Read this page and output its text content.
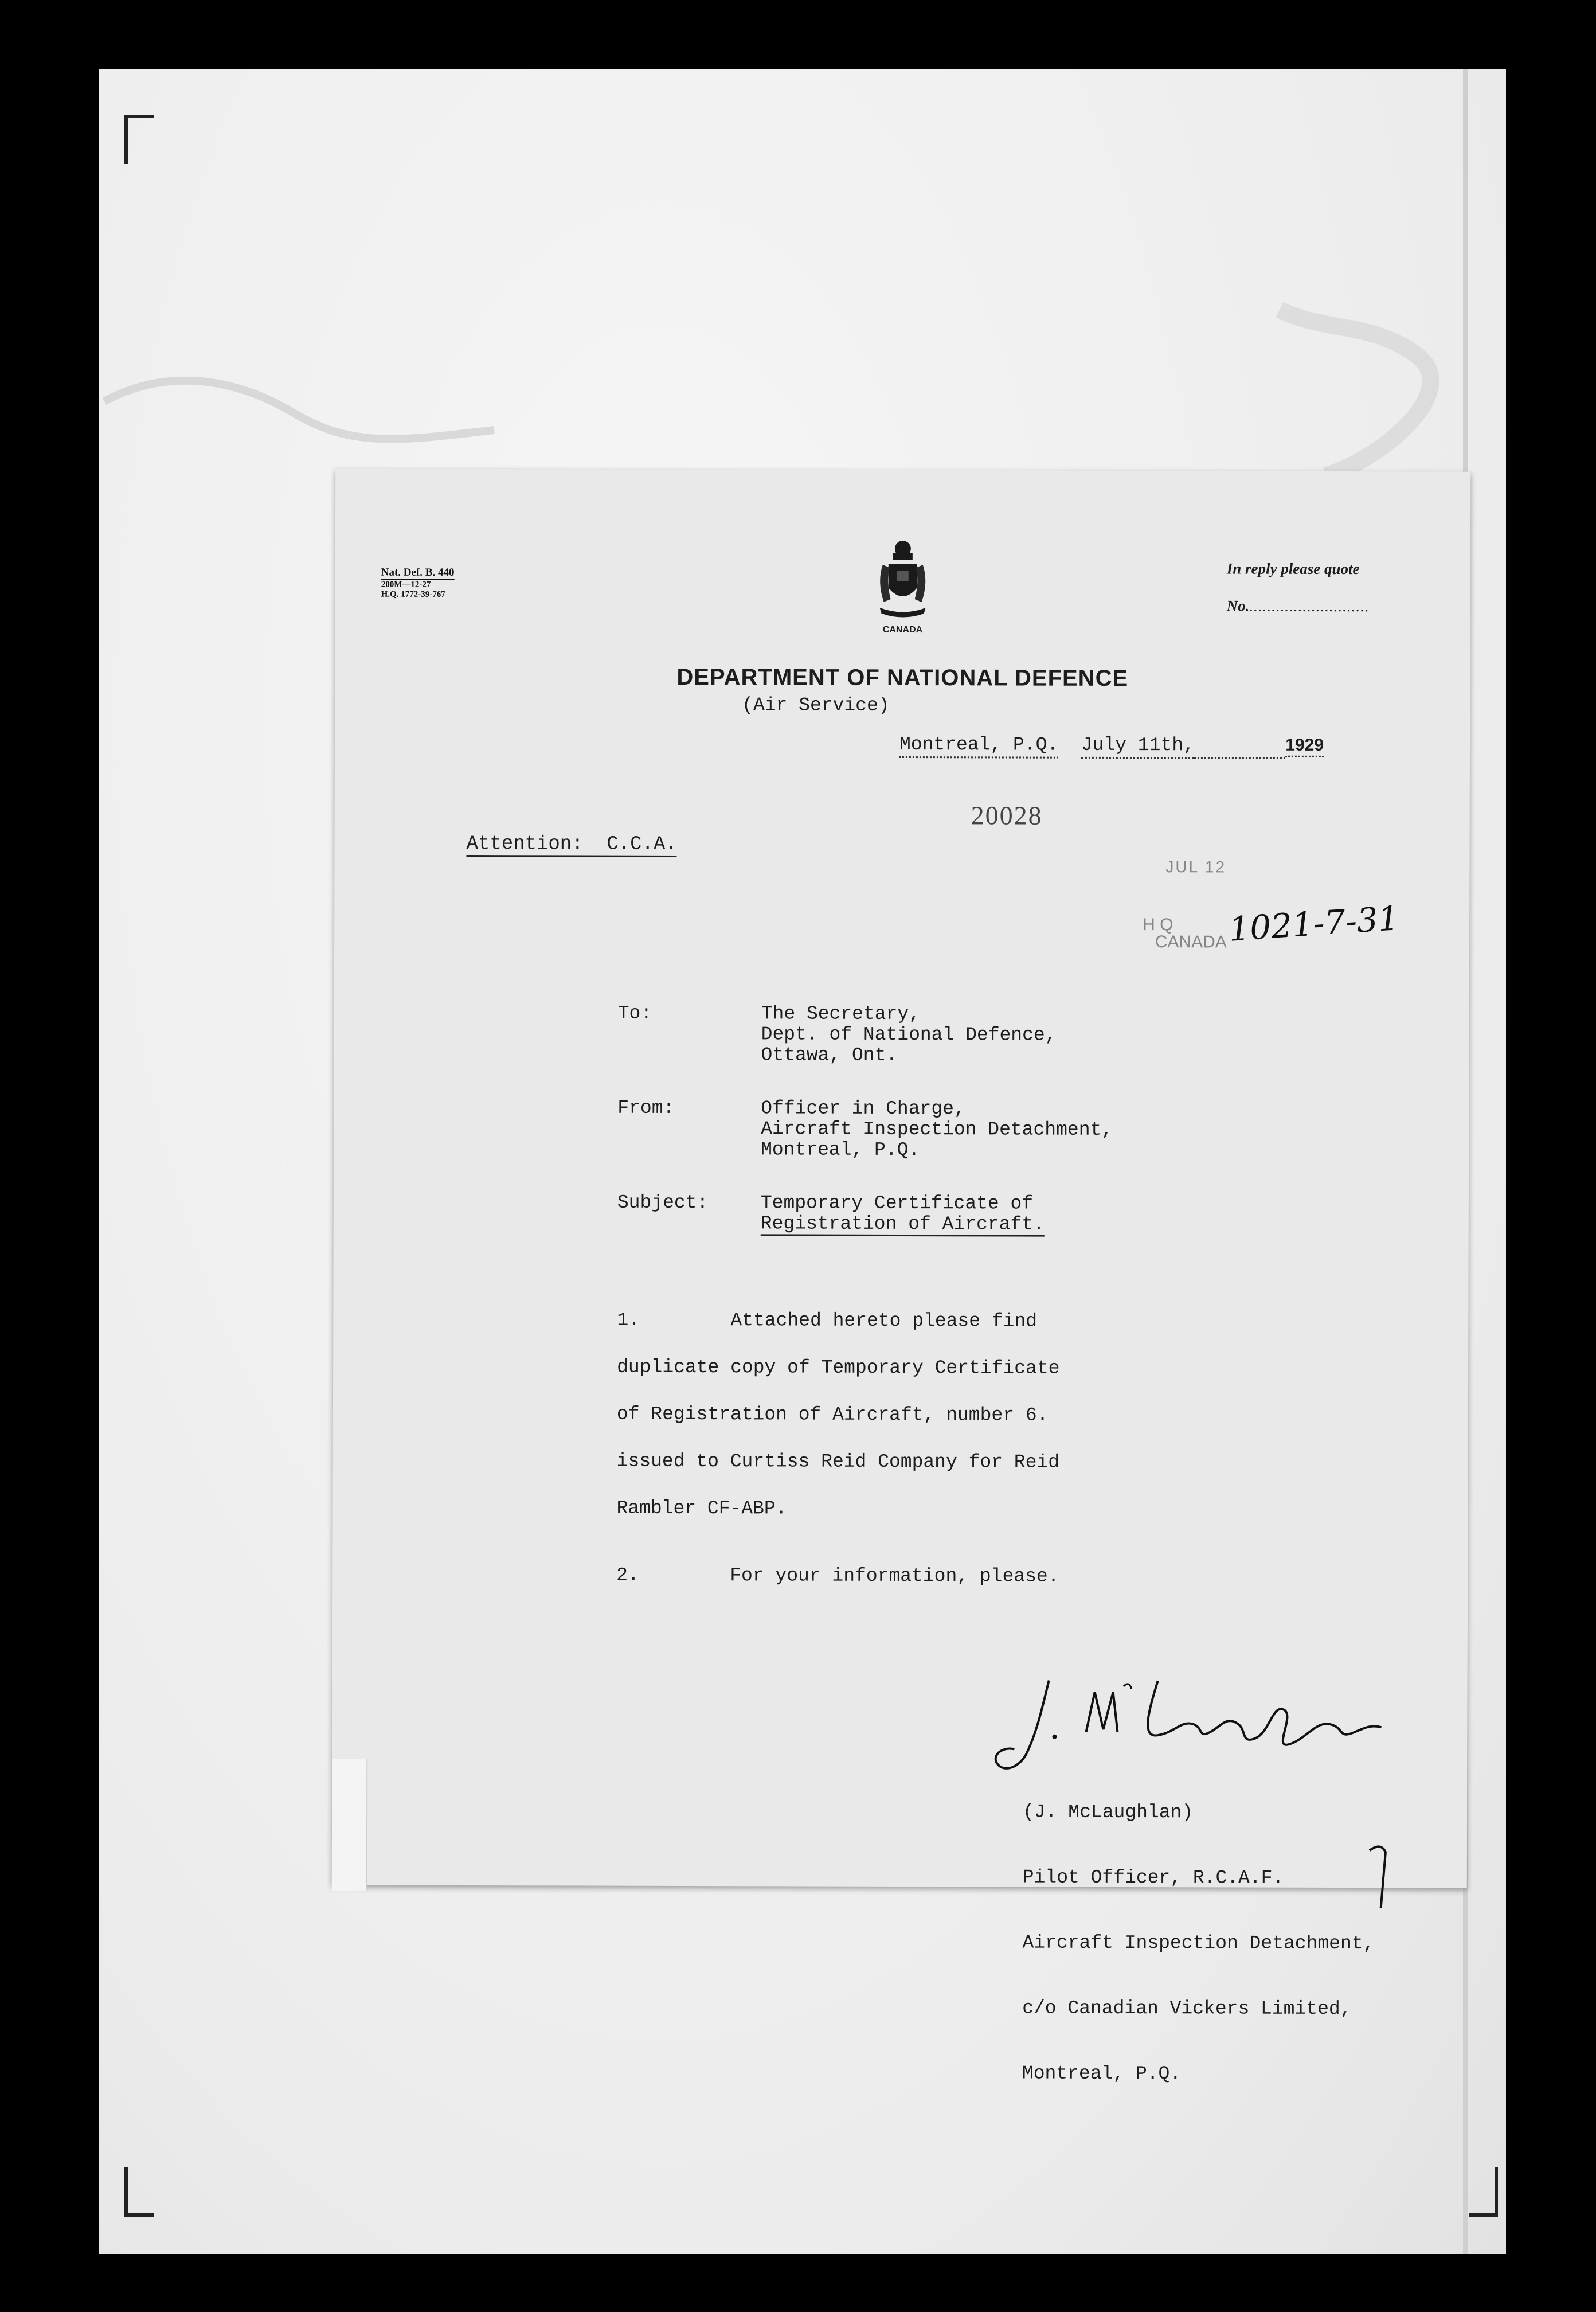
Nat. Def. B. 440
200M—12-27
H.Q. 1772-39-767
CANADA
In reply please quote
No............................
DEPARTMENT OF NATIONAL DEFENCE
(Air Service)
Montreal, P.Q. July 11th,	1929
20028
Attention:  C.C.A.
JUL 12
H Q CANADA 1021-7-31
To:	The Secretary,
Dept. of National Defence,
Ottawa, Ont.
From:	Officer in Charge,
Aircraft Inspection Detachment,
Montreal, P.Q.
Subject:	Temporary Certificate of
Registration of Aircraft.
1.        Attached hereto please find
duplicate copy of Temporary Certificate
of Registration of Aircraft, number 6.
issued to Curtiss Reid Company for Reid
Rambler CF-ABP.
2.        For your information, please.

(J. McLaughlan)

Pilot Officer, R.C.A.F.

Aircraft Inspection Detachment,

c/o Canadian Vickers Limited,

Montreal, P.Q.
